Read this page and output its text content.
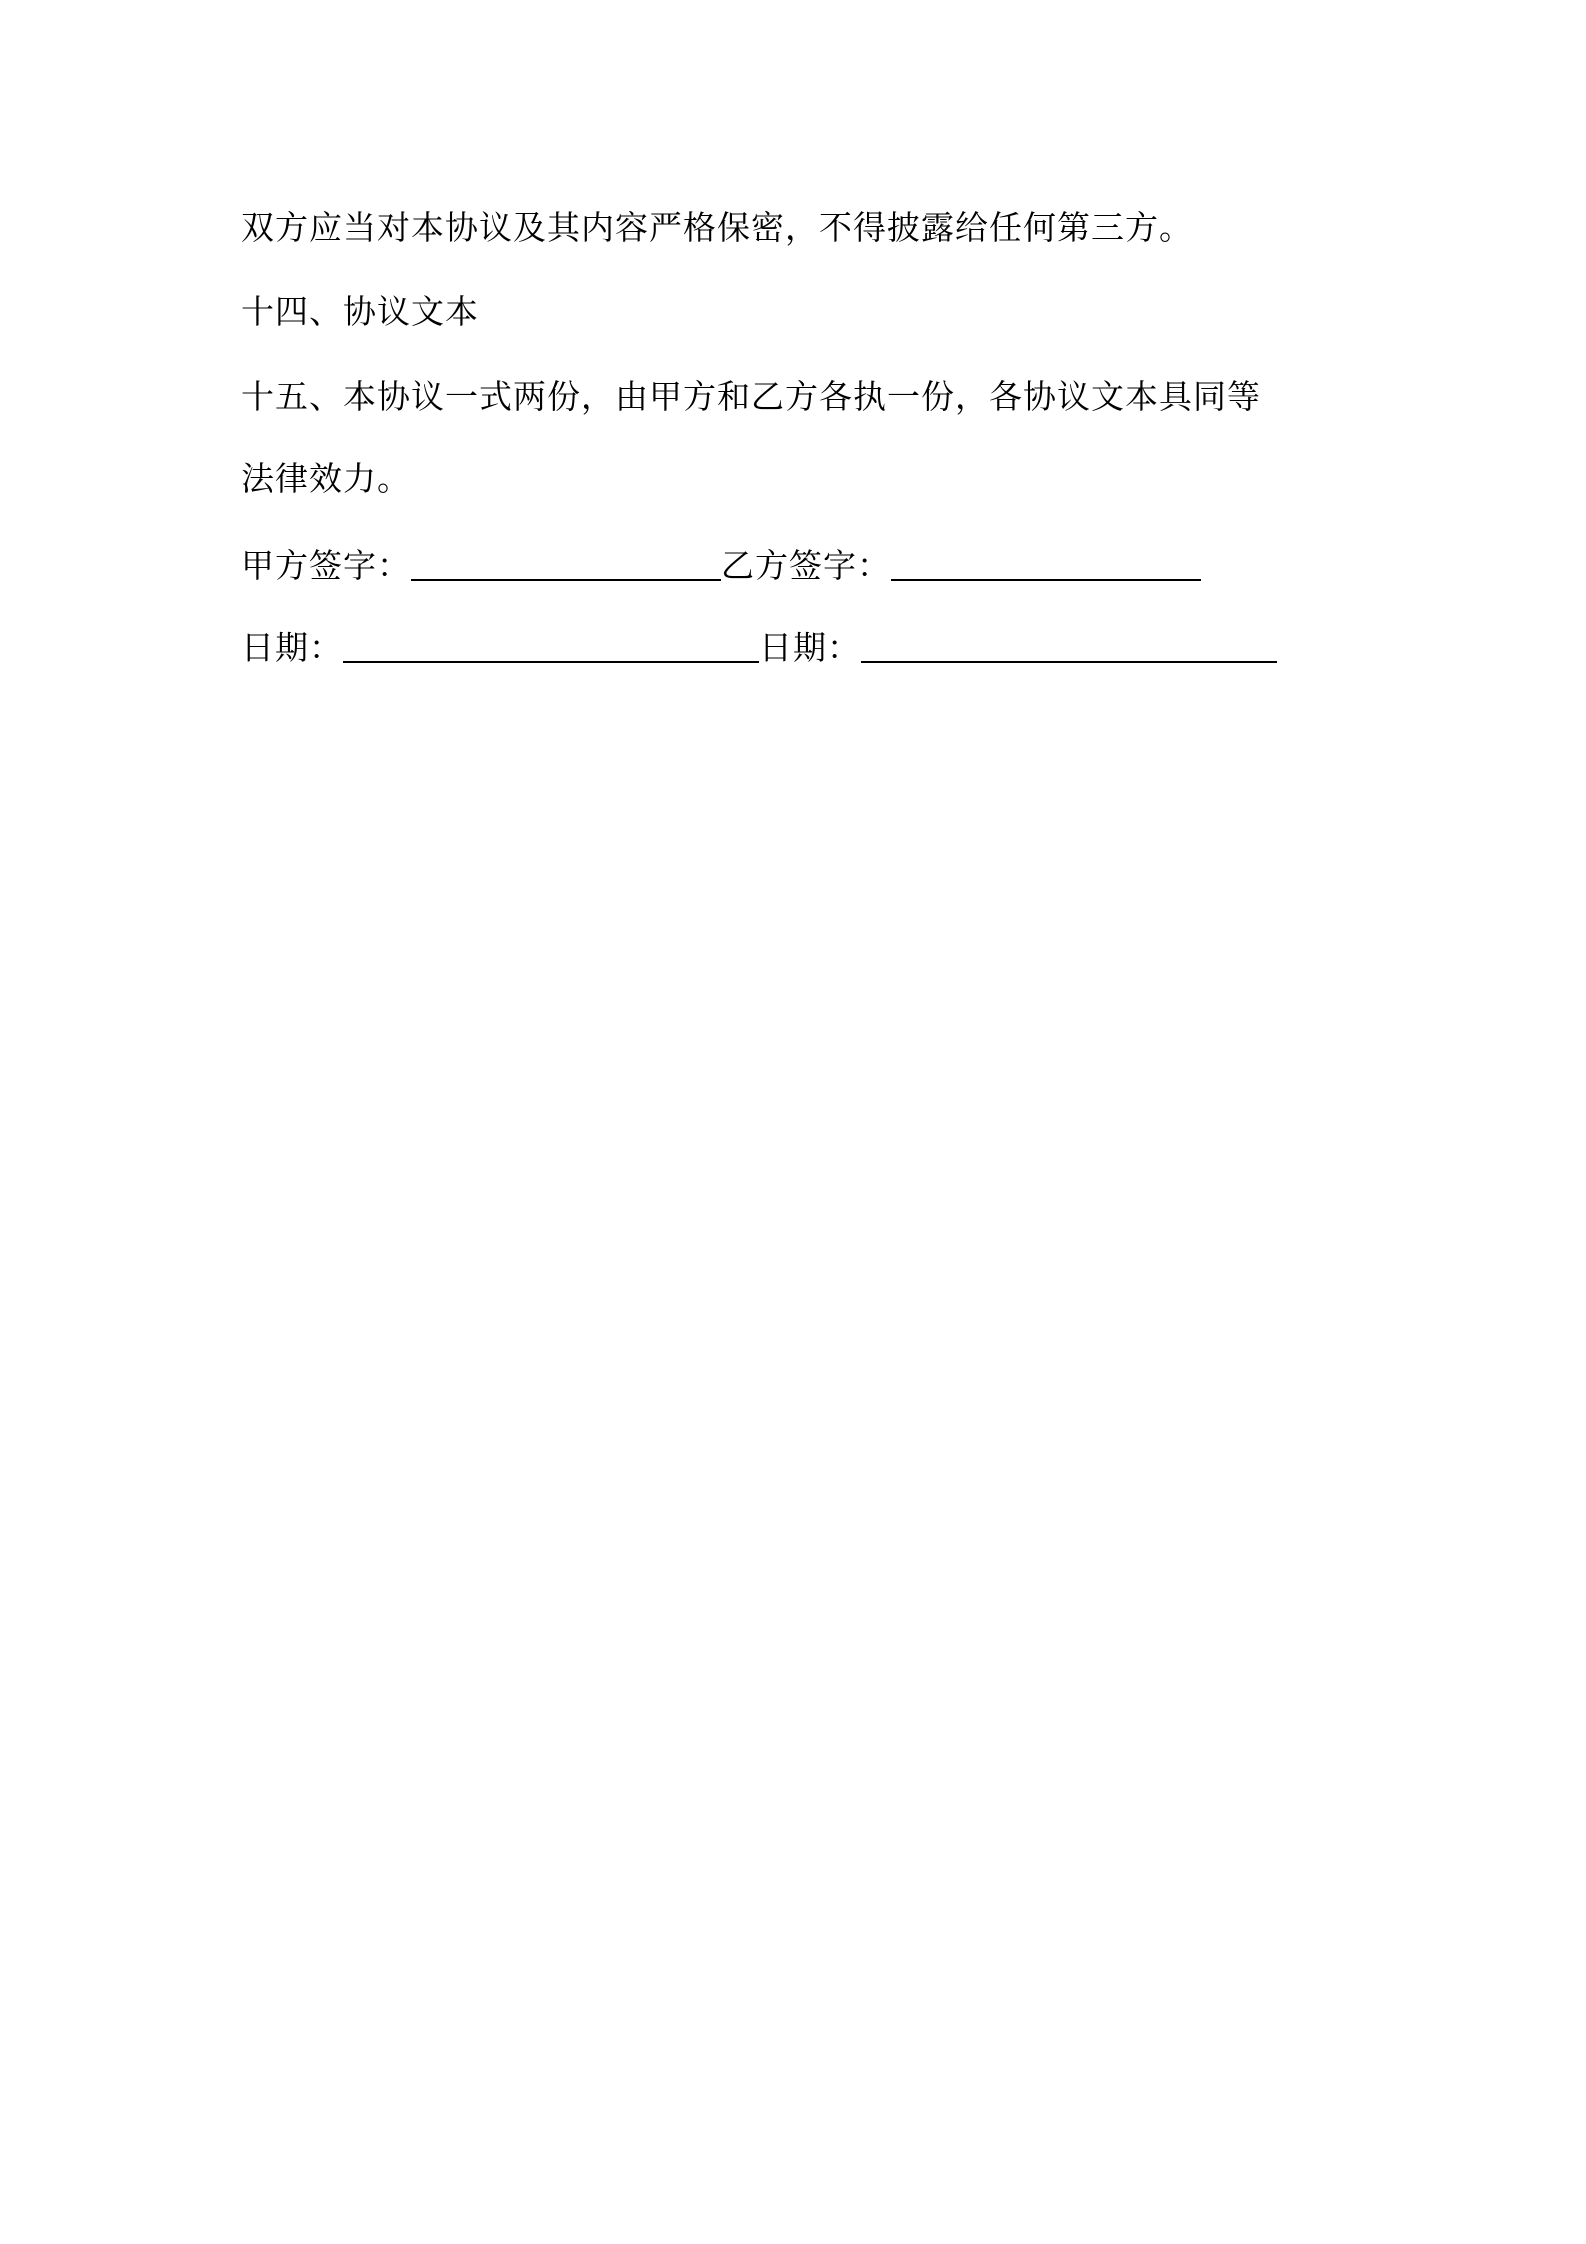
双方应当对本协议及其内容严格保密，不得披露给任何第三方。
十四、协议文本
十五、本协议一式两份，由甲方和乙方各执一份，各协议文本具同等
法律效力。
甲方签字：	乙方签字：
日期：	日期：
